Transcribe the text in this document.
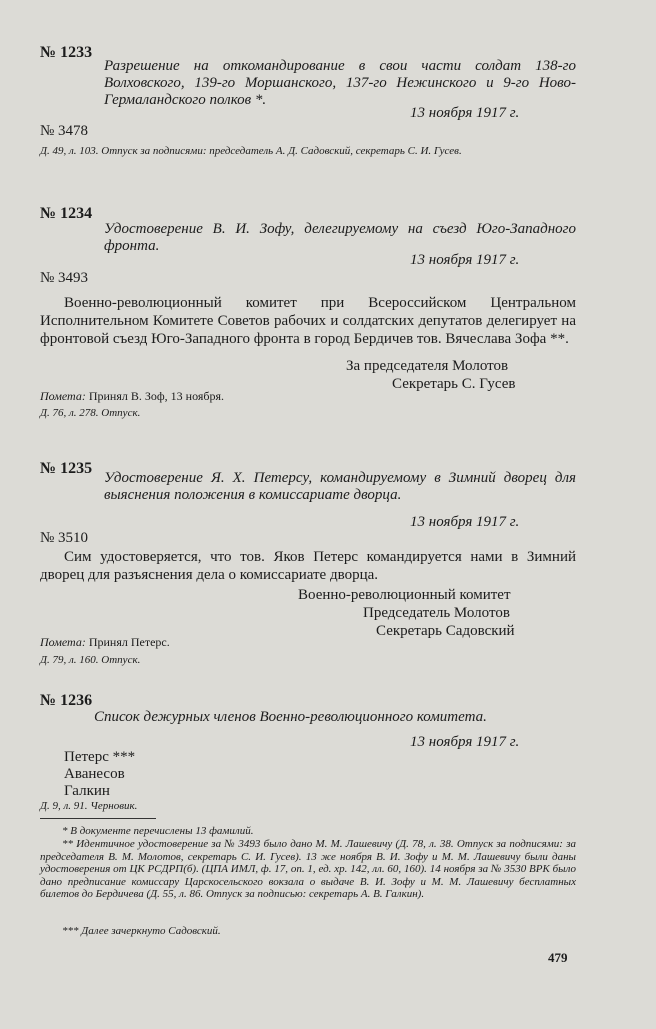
№ 1233
Разрешение на откомандирование в свои части солдат 138-го Волховского, 139-го Моршанского, 137-го Нежинского и 9-го Ново-Гермаландского полков *.
13 ноября 1917 г.
№ 3478
Д. 49, л. 103. Отпуск за подписями: председатель А. Д. Садовский, секретарь С. И. Гусев.
№ 1234
Удостоверение В. И. Зофу, делегируемому на съезд Юго-Западного фронта.
13 ноября 1917 г.
№ 3493
Военно-революционный комитет при Всероссийском Центральном Исполнительном Комитете Советов рабочих и солдатских депутатов делегирует на фронтовой съезд Юго-Западного фронта в город Бердичев тов. Вячеслава Зофа **.
За председателя Молотов
Секретарь С. Гусев
Помета: Принял В. Зоф, 13 ноября.
Д. 76, л. 278. Отпуск.
№ 1235
Удостоверение Я. Х. Петерсу, командируемому в Зимний дворец для выяснения положения в комиссариате дворца.
13 ноября 1917 г.
№ 3510
Сим удостоверяется, что тов. Яков Петерс командируется нами в Зимний дворец для разъяснения дела о комиссариате дворца.
Военно-революционный комитет
Председатель Молотов
Секретарь Садовский
Помета: Принял Петерс.
Д. 79, л. 160. Отпуск.
№ 1236
Список дежурных членов Военно-революционного комитета.
13 ноября 1917 г.
Петерс ***
Аванесов
Галкин
Д. 9, л. 91. Черновик.
* В документе перечислены 13 фамилий.
** Идентичное удостоверение за № 3493 было дано М. М. Лашевичу (Д. 78, л. 38. Отпуск за подписями: за председателя В. М. Молотов, секретарь С. И. Гусев). 13 же ноября В. И. Зофу и М. М. Лашевичу были даны удостоверения от ЦК РСДРП(б). (ЦПА ИМЛ, ф. 17, оп. 1, ед. хр. 142, лл. 60, 160). 14 ноября за № 3530 ВРК было дано предписание комиссару Царскосельского вокзала о выдаче В. И. Зофу и М. М. Лашевичу бесплатных билетов до Бердичева (Д. 55, л. 86. Отпуск за подписью: секретарь А. В. Галкин).
*** Далее зачеркнуто Садовский.
479
